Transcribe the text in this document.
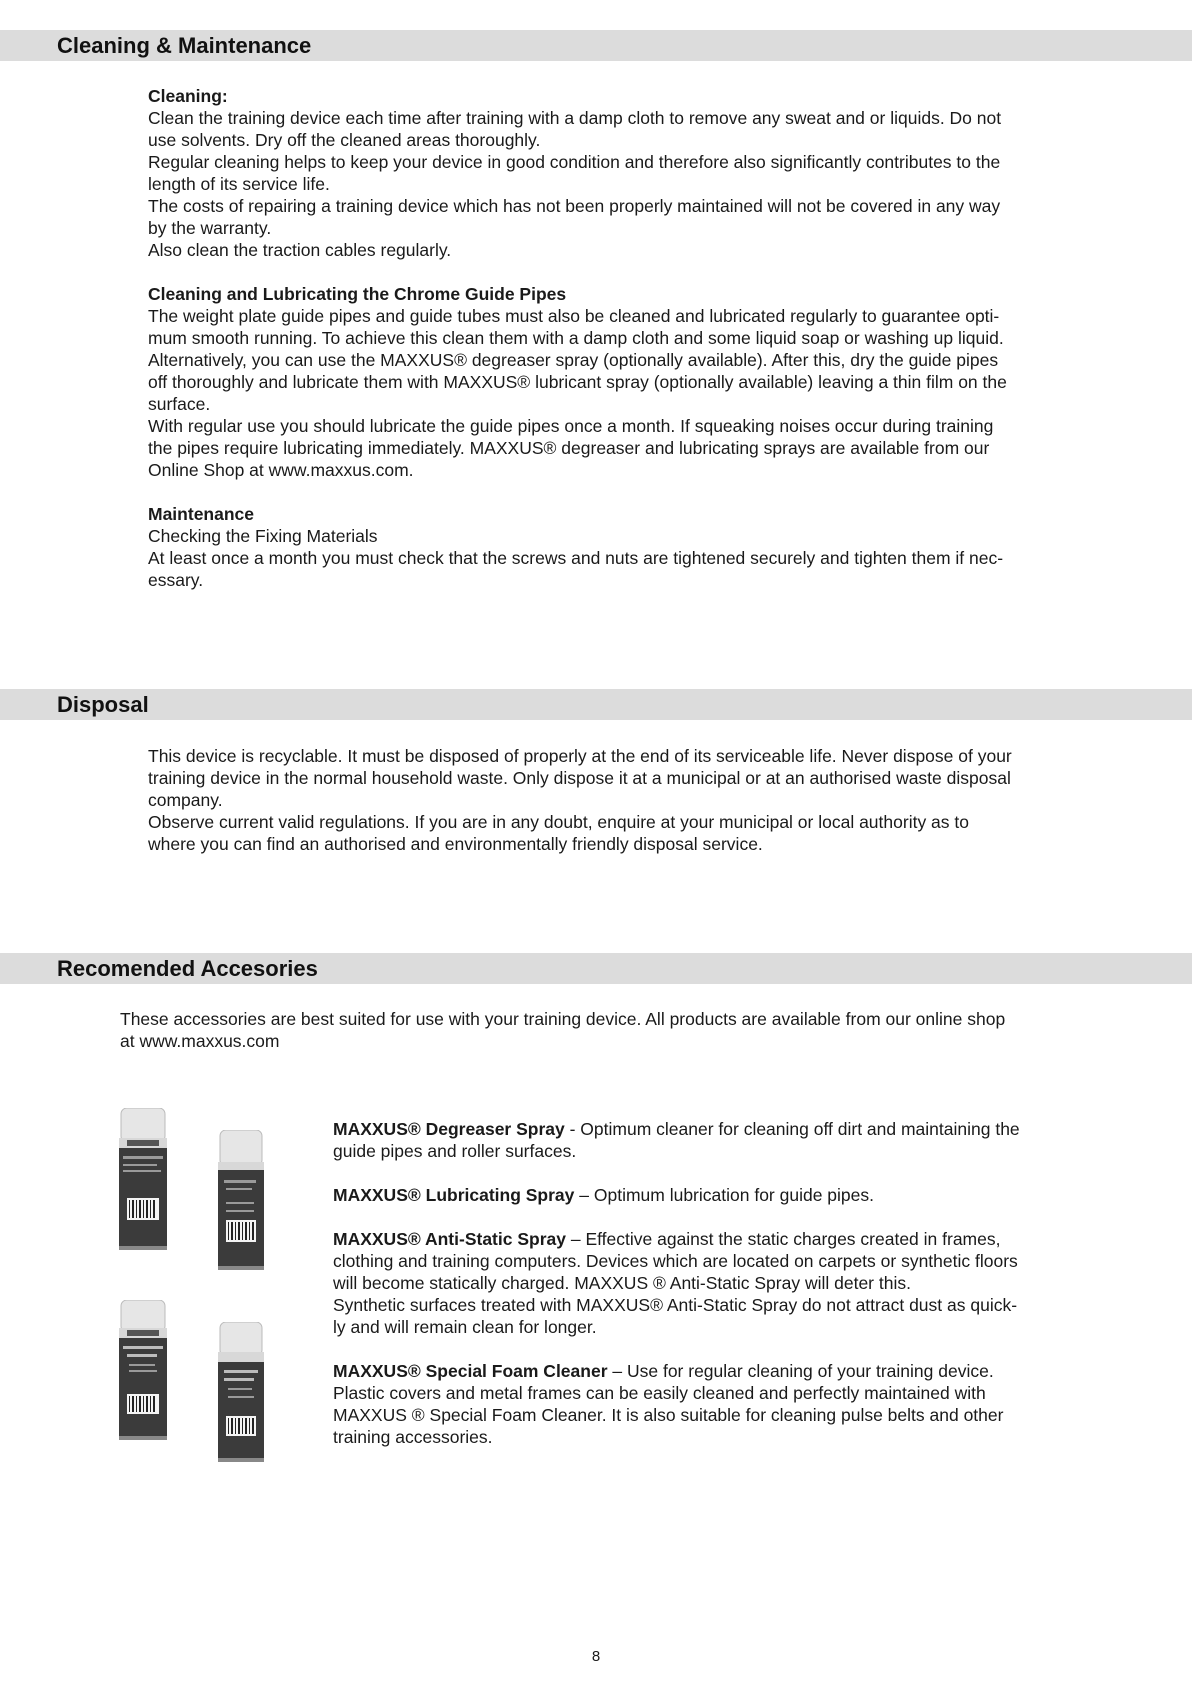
Cleaning & Maintenance

Cleaning:

Clean the training device each time after training with a damp cloth to remove any sweat and or liquids. Do not

use solvents. Dry off the cleaned areas thoroughly.

Regular cleaning helps to keep your device in good condition and therefore also significantly contributes to the

length of its service life.

The costs of repairing a training device which has not been properly maintained will not be covered in any way

by the warranty.

Also clean the traction cables regularly.

Cleaning and Lubricating the Chrome Guide Pipes

The weight plate guide pipes and guide tubes must also be cleaned and lubricated regularly to guarantee opti-

mum smooth running. To achieve this clean them with a damp cloth and some liquid soap or washing up liquid.

Alternatively, you can use the MAXXUS® degreaser spray (optionally available). After this, dry the guide pipes

off thoroughly and lubricate them with MAXXUS® lubricant spray (optionally available) leaving a thin film on the

surface.

With regular use you should lubricate the guide pipes once a month. If squeaking noises occur during training

the pipes require lubricating immediately. MAXXUS® degreaser and lubricating sprays are available from our

Online Shop at www.maxxus.com.

Maintenance

Checking the Fixing Materials

At least once a month you must check that the screws and nuts are tightened securely and tighten them if nec-

essary.

Disposal

This device is recyclable. It must be disposed of properly at the end of its serviceable life. Never dispose of your

training device in the normal household waste. Only dispose it at a municipal or at an authorised waste disposal

company.

Observe current valid regulations. If you are in any doubt, enquire at your municipal or local authority as to

where you can find an authorised and environmentally friendly disposal service.

Recomended Accesories

These accessories are best suited for use with your training device. All products are available from our online shop

at www.maxxus.com

MAXXUS® Degreaser Spray - Optimum cleaner for cleaning off dirt and maintaining the

guide pipes and roller surfaces.

MAXXUS® Lubricating Spray – Optimum lubrication for guide pipes.

MAXXUS® Anti-Static Spray – Effective against the static charges created in frames,

clothing and training computers. Devices which are located on carpets or synthetic floors

will become statically charged. MAXXUS ® Anti-Static Spray will deter this.

Synthetic surfaces treated with MAXXUS® Anti-Static Spray do not attract dust as quick-

ly and will remain clean for longer.

MAXXUS® Special Foam Cleaner – Use for regular cleaning of your training device.

Plastic covers and metal frames can be easily cleaned and perfectly maintained with

MAXXUS ® Special Foam Cleaner. It is also suitable for cleaning pulse belts and other

training accessories.

8
